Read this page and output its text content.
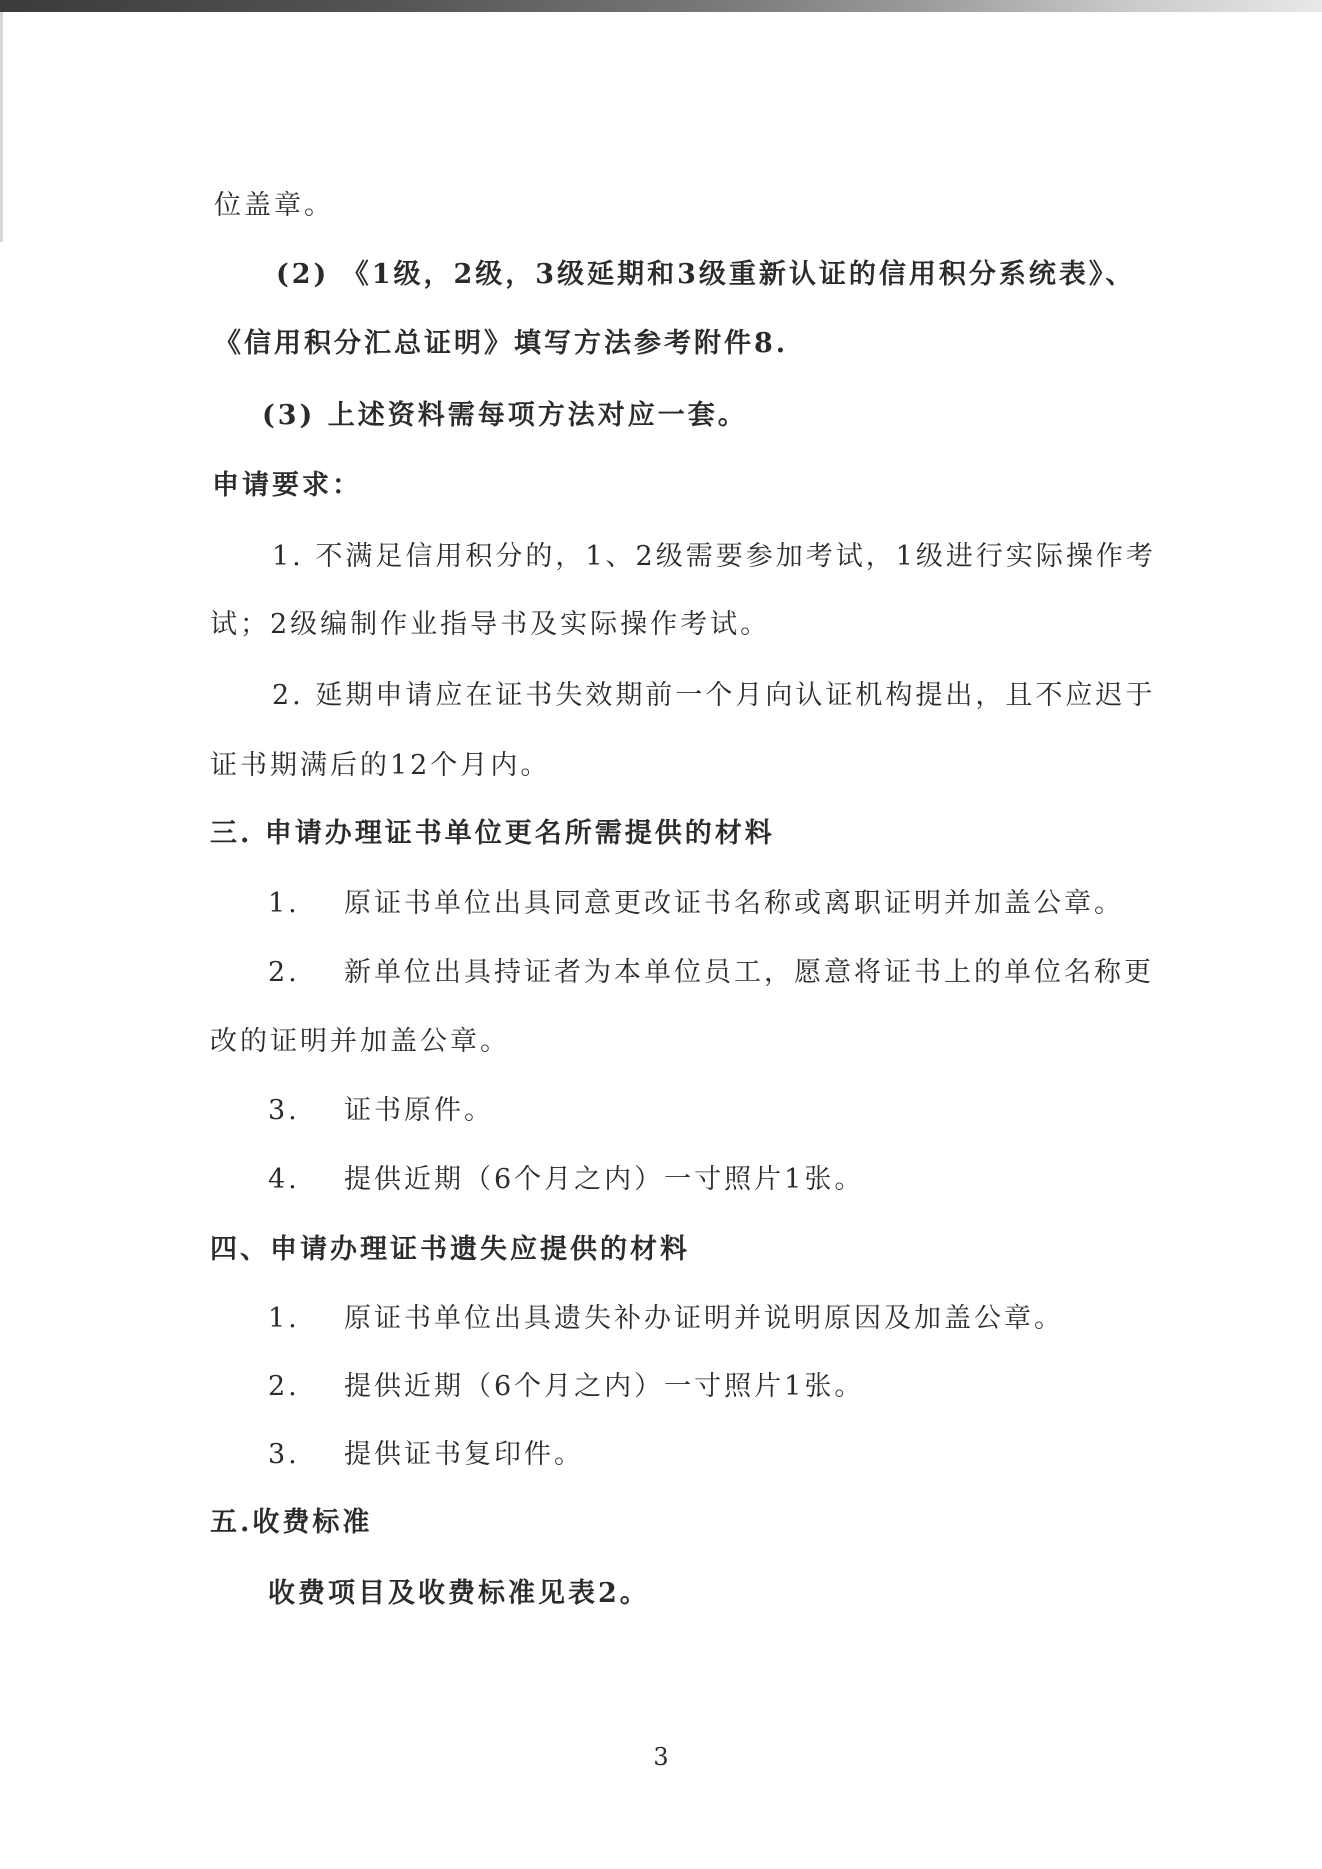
位盖章。

(2) 《1级，2级，3级延期和3级重新认证的信用积分系统表》、

《信用积分汇总证明》填写方法参考附件8.

(3) 上述资料需每项方法对应一套。

申请要求：

1. 不满足信用积分的，1、2级需要参加考试，1级进行实际操作考

试；2级编制作业指导书及实际操作考试。

2. 延期申请应在证书失效期前一个月向认证机构提出，且不应迟于

证书期满后的12个月内。

三. 申请办理证书单位更名所需提供的材料

1. 原证书单位出具同意更改证书名称或离职证明并加盖公章。

2. 新单位出具持证者为本单位员工，愿意将证书上的单位名称更

改的证明并加盖公章。

3. 证书原件。

4. 提供近期（6个月之内）一寸照片1张。

四、申请办理证书遗失应提供的材料

1. 原证书单位出具遗失补办证明并说明原因及加盖公章。

2. 提供近期（6个月之内）一寸照片1张。

3. 提供证书复印件。

五.收费标准

收费项目及收费标准见表2。

3
